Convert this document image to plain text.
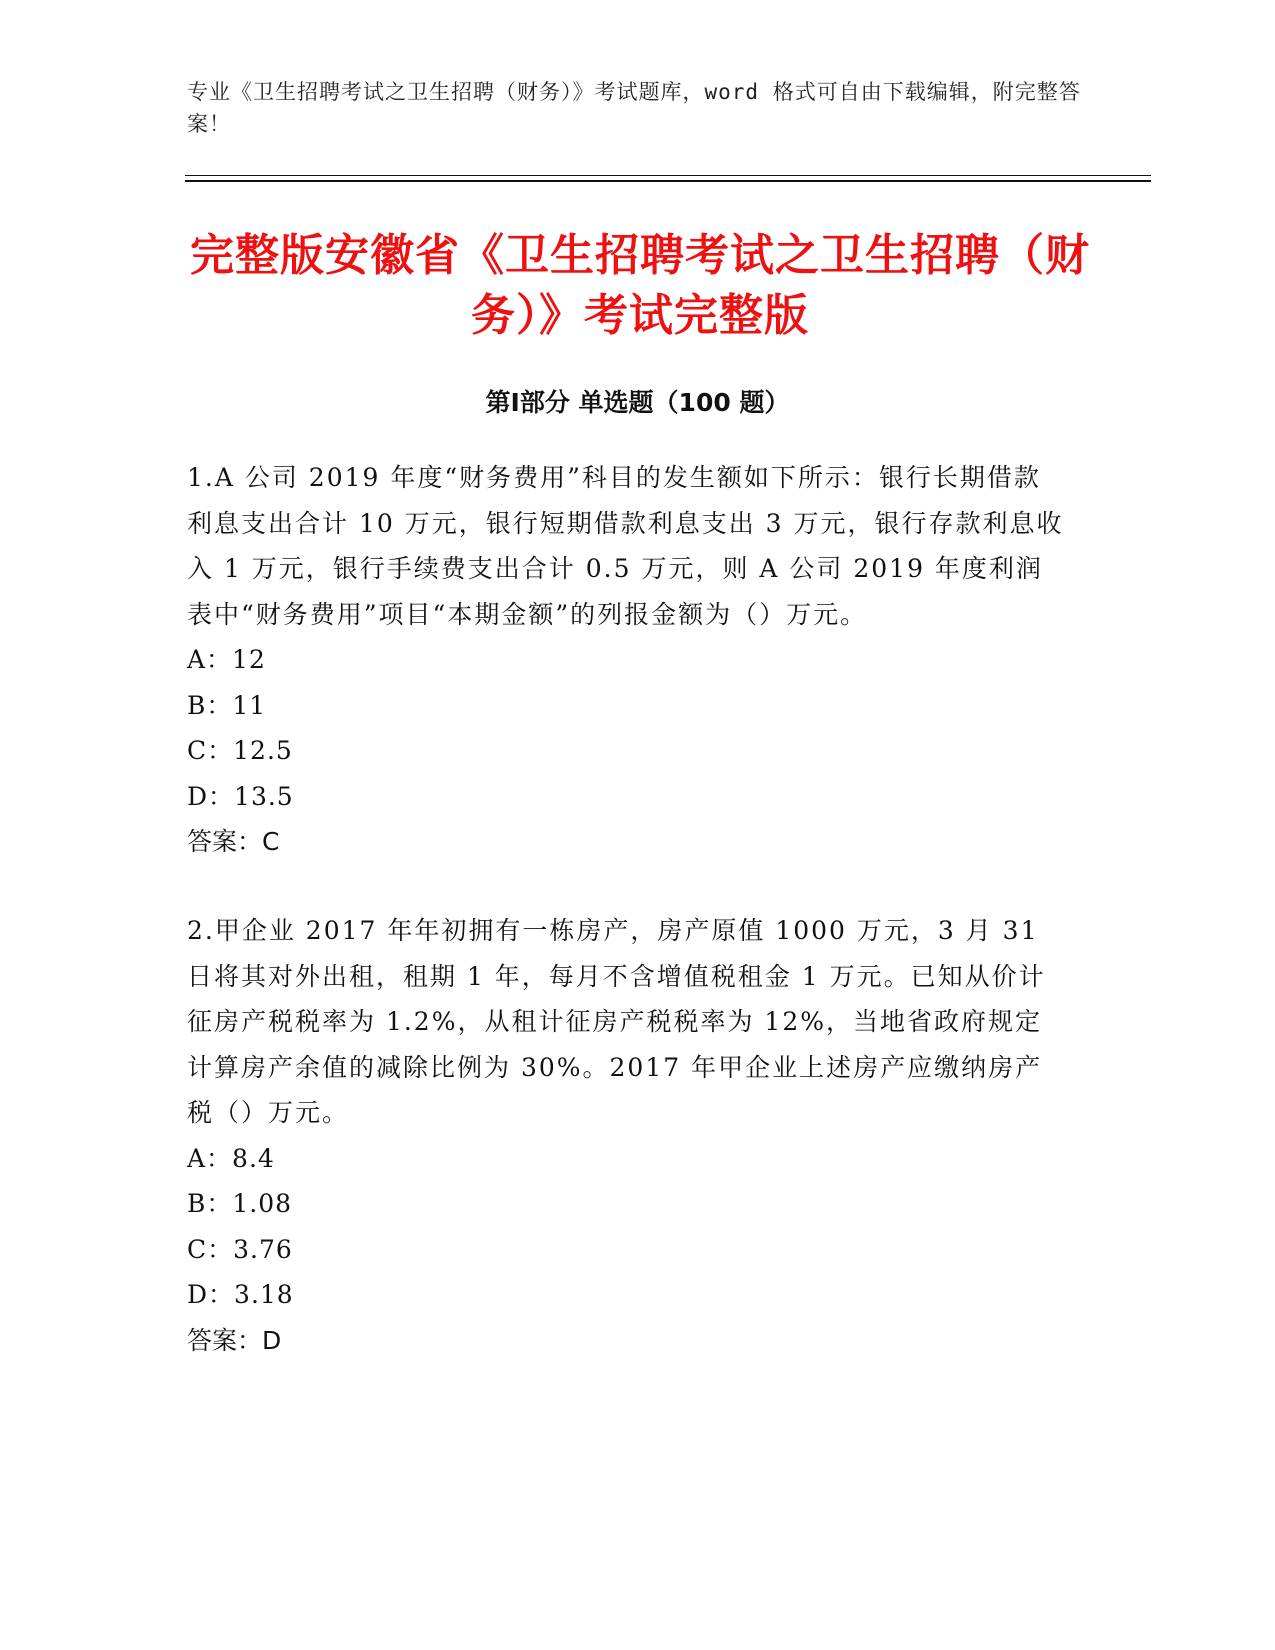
专业《卫生招聘考试之卫生招聘（财务）》考试题库，word 格式可自由下载编辑，附完整答案！
完整版安徽省《卫生招聘考试之卫生招聘（财务）》考试完整版
第Ⅰ部分 单选题（100 题）

1.A 公司 2019 年度“财务费用”科目的发生额如下所示：银行长期借款利息支出合计 10 万元，银行短期借款利息支出 3 万元，银行存款利息收入 1 万元，银行手续费支出合计 0.5 万元，则 A 公司 2019 年度利润表中“财务费用”项目“本期金额”的列报金额为（）万元。

A：12

B：11

C：12.5

D：13.5

答案：C

2.甲企业 2017 年年初拥有一栋房产，房产原值 1000 万元，3 月 31 日将其对外出租，租期 1 年，每月不含增值税租金 1 万元。已知从价计征房产税税率为 1.2%，从租计征房产税税率为 12%，当地省政府规定计算房产余值的减除比例为 30%。2017 年甲企业上述房产应缴纳房产税（）万元。

A：8.4

B：1.08

C：3.76

D：3.18

答案：D
